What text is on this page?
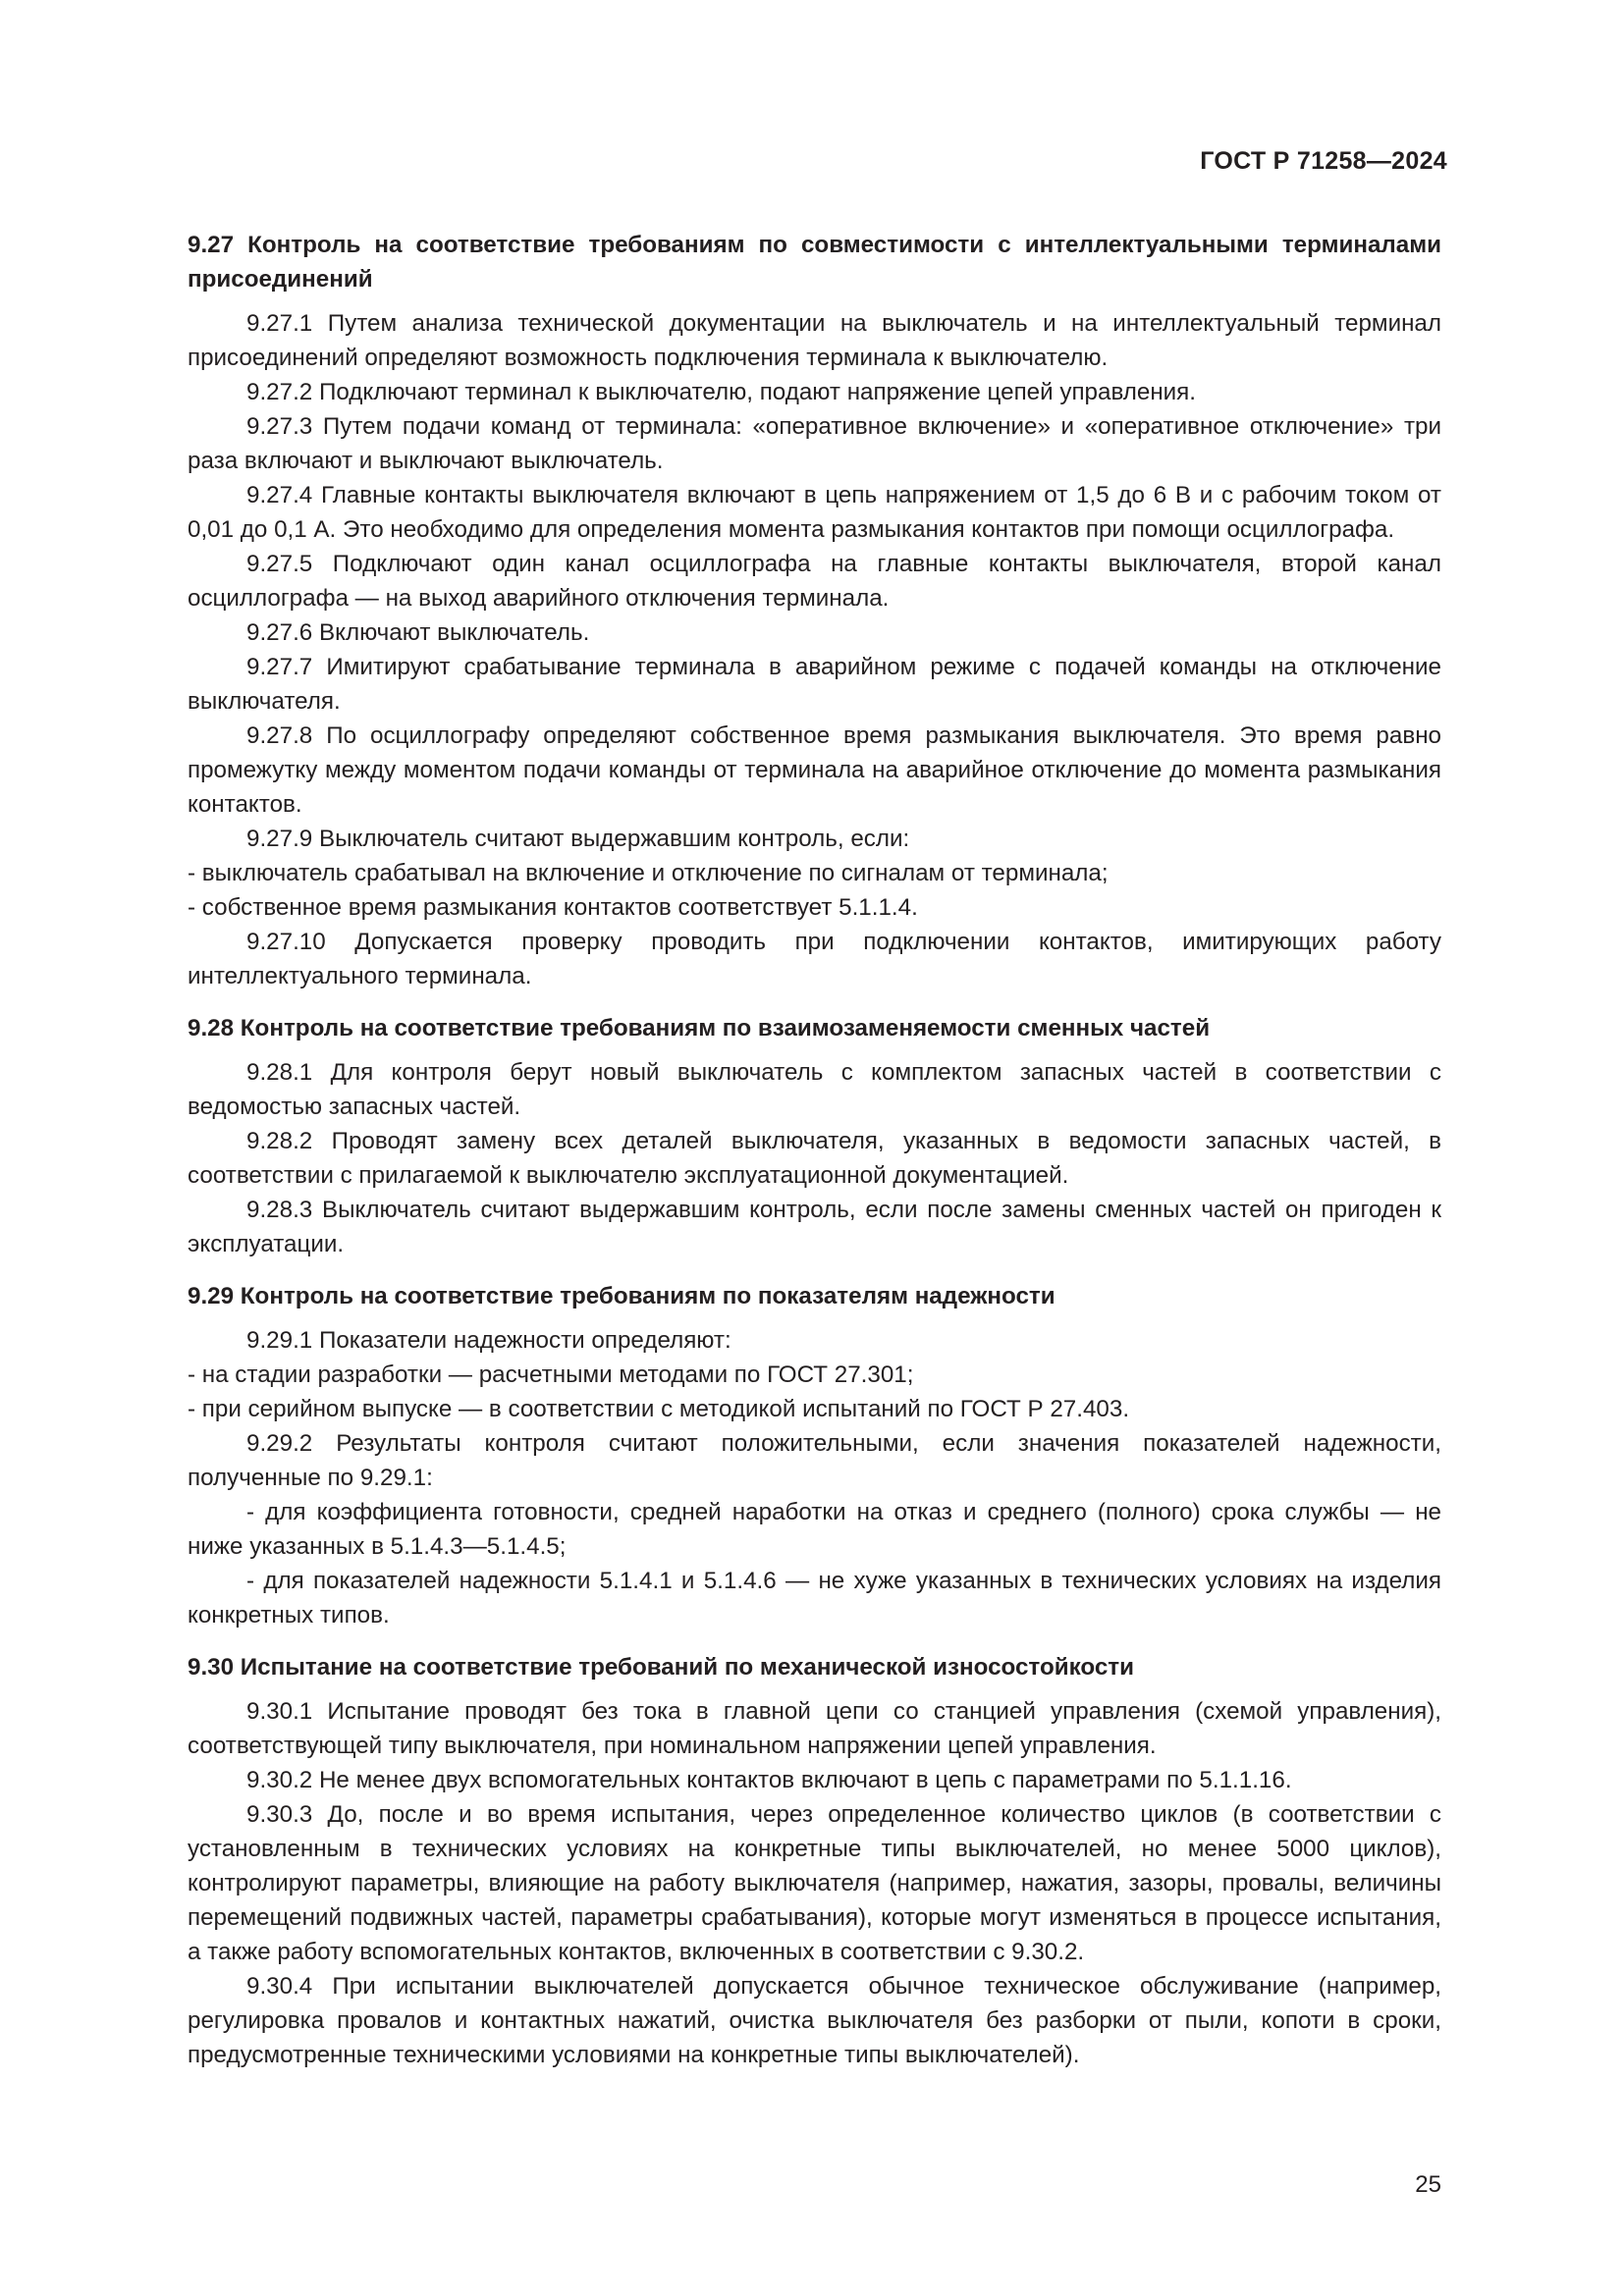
ГОСТ Р 71258—2024

9.27 Контроль на соответствие требованиям по совместимости с интеллектуальными терминалами присоединений

9.27.1 Путем анализа технической документации на выключатель и на интеллектуальный терминал присоединений определяют возможность подключения терминала к выключателю.

9.27.2 Подключают терминал к выключателю, подают напряжение цепей управления.

9.27.3 Путем подачи команд от терминала: «оперативное включение» и «оперативное отключение» три раза включают и выключают выключатель.

9.27.4 Главные контакты выключателя включают в цепь напряжением от 1,5 до 6 В и с рабочим током от 0,01 до 0,1 А. Это необходимо для определения момента размыкания контактов при помощи осциллографа.

9.27.5 Подключают один канал осциллографа на главные контакты выключателя, второй канал осциллографа — на выход аварийного отключения терминала.

9.27.6 Включают выключатель.

9.27.7 Имитируют срабатывание терминала в аварийном режиме с подачей команды на отключение выключателя.

9.27.8 По осциллографу определяют собственное время размыкания выключателя. Это время равно промежутку между моментом подачи команды от терминала на аварийное отключение до момента размыкания контактов.

9.27.9 Выключатель считают выдержавшим контроль, если:

- выключатель срабатывал на включение и отключение по сигналам от терминала;

- собственное время размыкания контактов соответствует 5.1.1.4.

9.27.10 Допускается проверку проводить при подключении контактов, имитирующих работу интеллектуального терминала.

9.28 Контроль на соответствие требованиям по взаимозаменяемости сменных частей

9.28.1 Для контроля берут новый выключатель с комплектом запасных частей в соответствии с ведомостью запасных частей.

9.28.2 Проводят замену всех деталей выключателя, указанных в ведомости запасных частей, в соответствии с прилагаемой к выключателю эксплуатационной документацией.

9.28.3 Выключатель считают выдержавшим контроль, если после замены сменных частей он пригоден к эксплуатации.

9.29 Контроль на соответствие требованиям по показателям надежности

9.29.1 Показатели надежности определяют:

- на стадии разработки — расчетными методами по ГОСТ 27.301;

- при серийном выпуске — в соответствии с методикой испытаний по ГОСТ Р 27.403.

9.29.2 Результаты контроля считают положительными, если значения показателей надежности, полученные по 9.29.1:

- для коэффициента готовности, средней наработки на отказ и среднего (полного) срока службы — не ниже указанных в 5.1.4.3—5.1.4.5;

- для показателей надежности 5.1.4.1 и 5.1.4.6 — не хуже указанных в технических условиях на изделия конкретных типов.

9.30 Испытание на соответствие требований по механической износостойкости

9.30.1 Испытание проводят без тока в главной цепи со станцией управления (схемой управления), соответствующей типу выключателя, при номинальном напряжении цепей управления.

9.30.2 Не менее двух вспомогательных контактов включают в цепь с параметрами по 5.1.1.16.

9.30.3 До, после и во время испытания, через определенное количество циклов (в соответствии с установленным в технических условиях на конкретные типы выключателей, но менее 5000 циклов), контролируют параметры, влияющие на работу выключателя (например, нажатия, зазоры, провалы, величины перемещений подвижных частей, параметры срабатывания), которые могут изменяться в процессе испытания, а также работу вспомогательных контактов, включенных в соответствии с 9.30.2.

9.30.4 При испытании выключателей допускается обычное техническое обслуживание (например, регулировка провалов и контактных нажатий, очистка выключателя без разборки от пыли, копоти в сроки, предусмотренные техническими условиями на конкретные типы выключателей).

25
